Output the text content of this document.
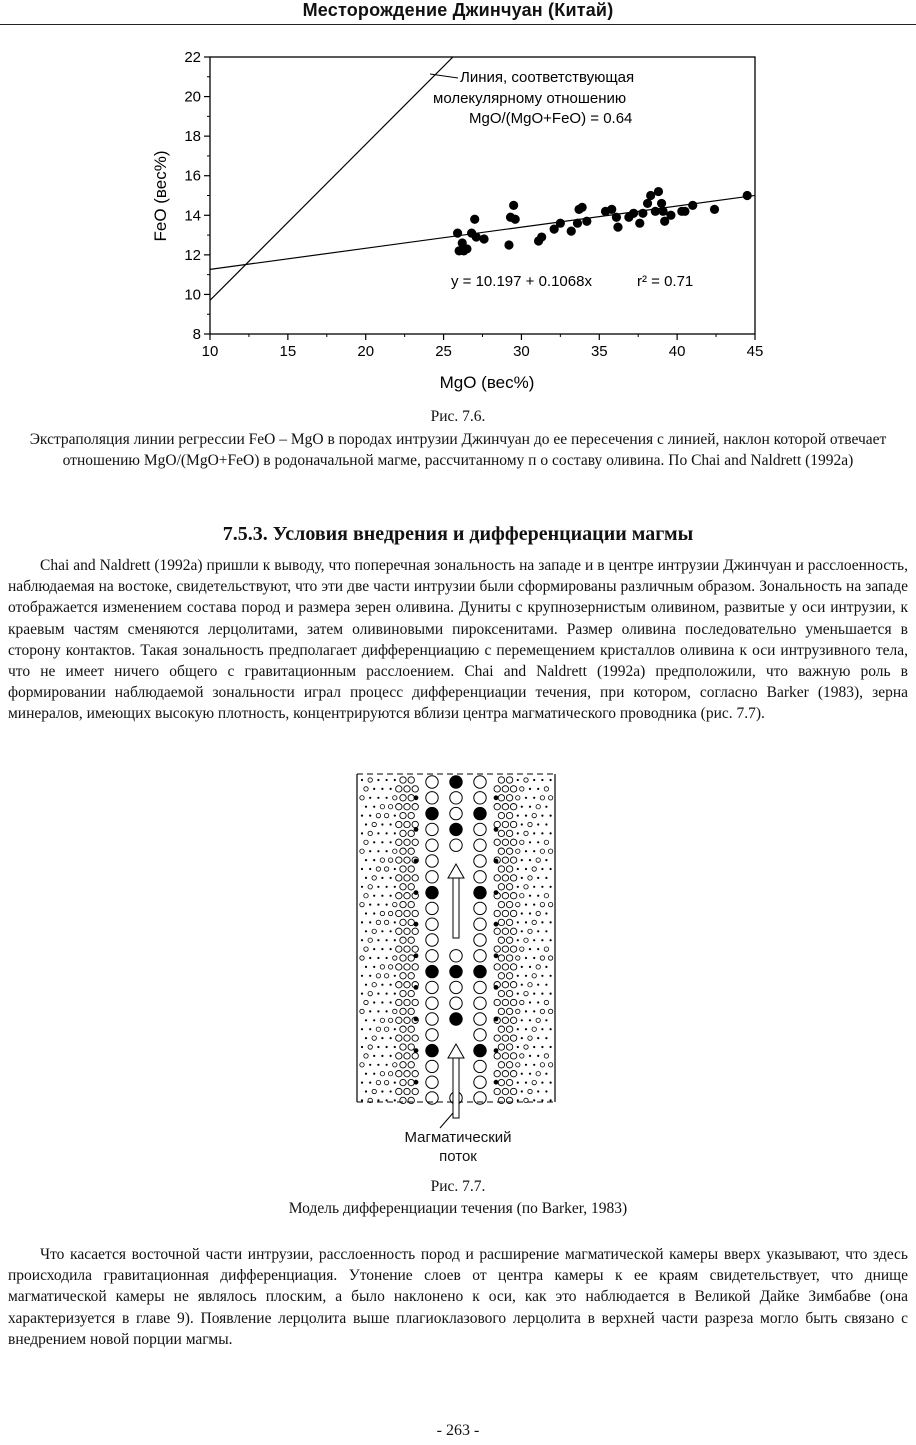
Месторождение Джинчуан (Китай)
10	15	20	25	30	35	40	45
8
10
12
14
16
18
20
22
MgO (вес%)
FeO (вес%)
Линия, соответствующая
молекулярному отношению
MgO/(MgO+FeO) = 0.64
y = 10.197 + 0.1068x	r² = 0.71
Рис. 7.6.
Экстраполяция линии регрессии FeO – MgO в породах интрузии Джинчуан до ее пересечения с линией, наклон которой отвечает отношению MgO/(MgO+FeO) в родоначальной магме, рассчитанному п о составу оливина. По Chai and Naldrett (1992a)
7.5.3. Условия внедрения и дифференциации магмы

Chai and Naldrett (1992a) пришли к выводу, что поперечная зональность на западе и в центре интрузии Джинчуан и расслоенность, наблюдаемая на востоке, свидетельствуют, что эти две части интрузии были сформированы различным образом. Зональность на западе отображается изменением состава пород и размера зерен оливина. Дуниты с крупнозернистым оливином, развитые у оси интрузии, к краевым частям сменяются лерцолитами, затем оливиновыми пироксенитами. Размер оливина последовательно уменьшается в сторону контактов. Такая зональность предполагает дифференциацию с перемещением кристаллов оливина к оси интрузивного тела, что не имеет ничего общего с гравитационным расслоением. Chai and Naldrett (1992a) предположили, что важную роль в формировании наблюдаемой зональности играл процесс дифференциации течения, при котором, согласно Barker (1983), зерна минералов, имеющих высокую плотность, концентрируются вблизи центра магматического проводника (рис. 7.7).

Магматический
поток
Рис. 7.7.
Модель дифференциации течения (по Barker, 1983)

Что касается восточной части интрузии, расслоенность пород и расширение магматической камеры вверх указывают, что здесь происходила гравитационная дифференциация. Утонение слоев от центра камеры к ее краям свидетельствует, что днище магматической камеры не являлось плоским, а было наклонено к оси, как это наблюдается в Великой Дайке Зимбабве (она характеризуется в главе 9). Появление лерцолита выше плагиоклазового лерцолита в верхней части разреза могло быть связано с внедрением новой порции магмы.

- 263 -
